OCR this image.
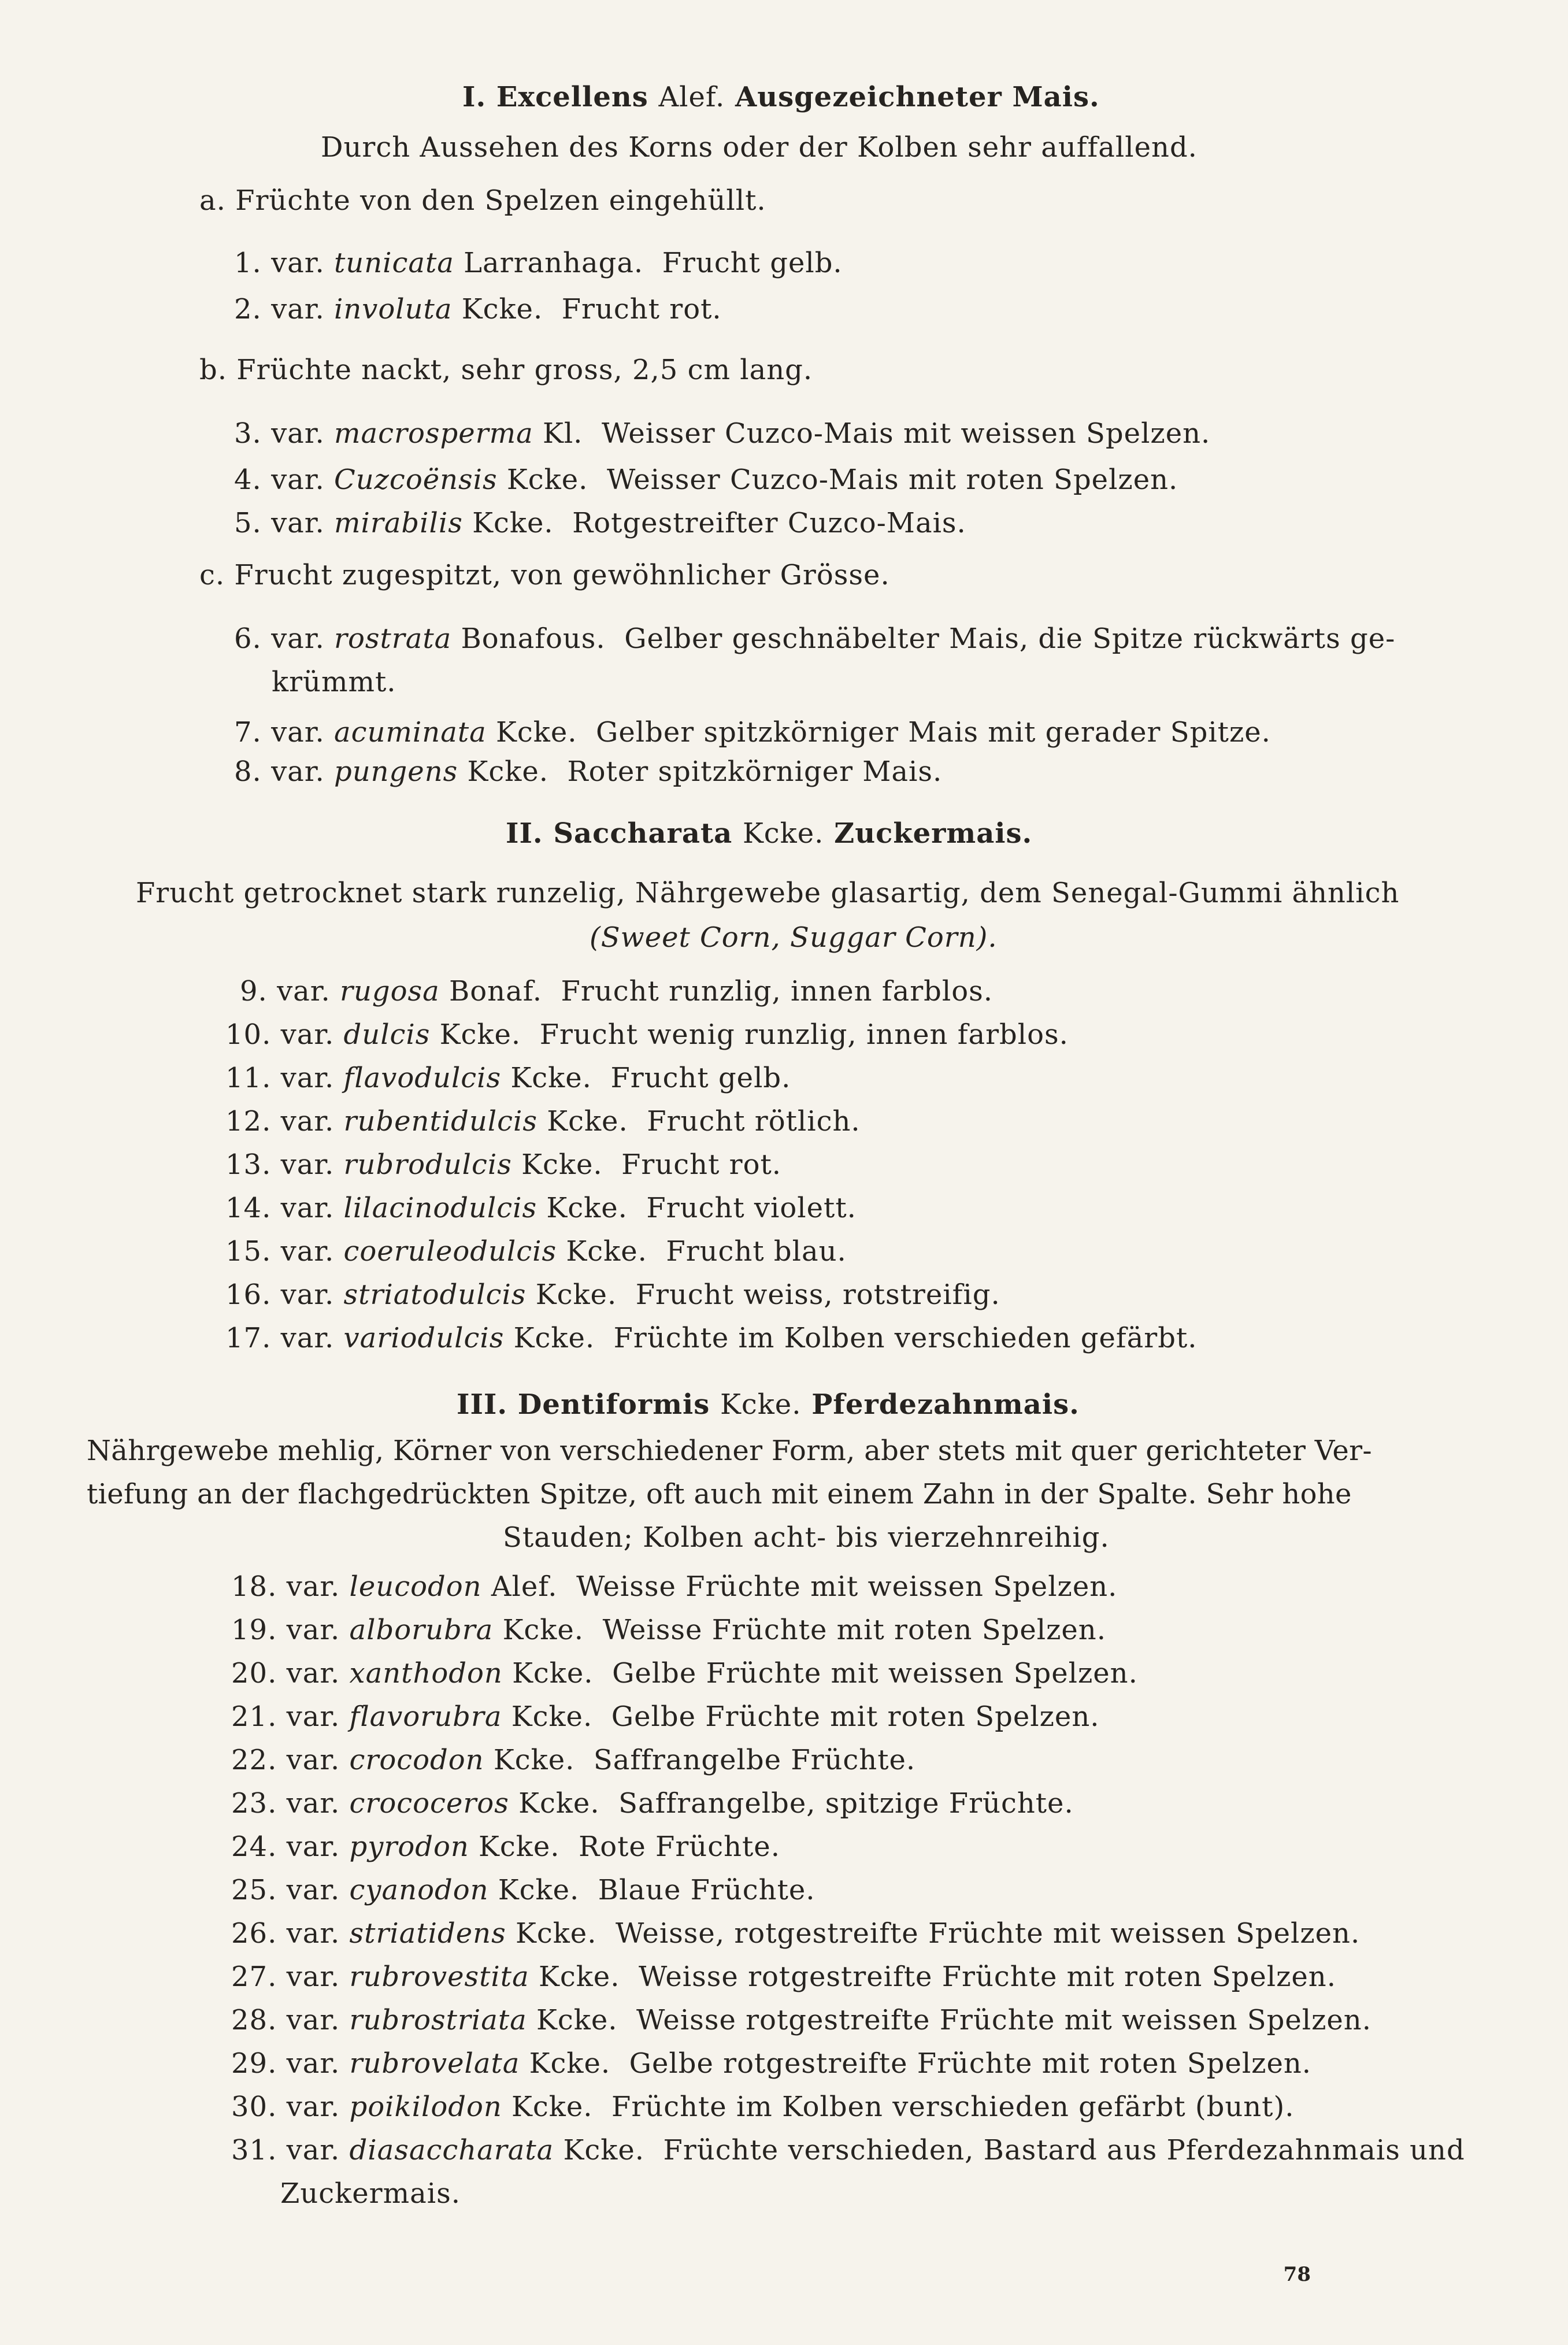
I. Excellens Alef. Ausgezeichneter Mais.
Durch Aussehen des Korns oder der Kolben sehr auffallend.
a. Früchte von den Spelzen eingehüllt.
1. var. tunicata Larranhaga. Frucht gelb.
2. var. involuta Kcke. Frucht rot.
b. Früchte nackt, sehr gross, 2,5 cm lang.
3. var. macrosperma Kl. Weisser Cuzco-Mais mit weissen Spelzen.
4. var. Cuzcoënsis Kcke. Weisser Cuzco-Mais mit roten Spelzen.
5. var. mirabilis Kcke. Rotgestreifter Cuzco-Mais.
c. Frucht zugespitzt, von gewöhnlicher Grösse.
6. var. rostrata Bonafous. Gelber geschnäbelter Mais, die Spitze rückwärts ge-
krümmt.
7. var. acuminata Kcke. Gelber spitzkörniger Mais mit gerader Spitze.
8. var. pungens Kcke. Roter spitzkörniger Mais.
II. Saccharata Kcke. Zuckermais.
Frucht getrocknet stark runzelig, Nährgewebe glasartig, dem Senegal-Gummi ähnlich
(Sweet Corn, Suggar Corn).
9. var. rugosa Bonaf. Frucht runzlig, innen farblos.
10. var. dulcis Kcke. Frucht wenig runzlig, innen farblos.
11. var. flavodulcis Kcke. Frucht gelb.
12. var. rubentidulcis Kcke. Frucht rötlich.
13. var. rubrodulcis Kcke. Frucht rot.
14. var. lilacinodulcis Kcke. Frucht violett.
15. var. coeruleodulcis Kcke. Frucht blau.
16. var. striatodulcis Kcke. Frucht weiss, rotstreifig.
17. var. variodulcis Kcke. Früchte im Kolben verschieden gefärbt.
III. Dentiformis Kcke. Pferdezahnmais.
Nährgewebe mehlig, Körner von verschiedener Form, aber stets mit quer gerichteter Ver-
tiefung an der flachgedrückten Spitze, oft auch mit einem Zahn in der Spalte. Sehr hohe
Stauden; Kolben acht- bis vierzehnreihig.
18. var. leucodon Alef. Weisse Früchte mit weissen Spelzen.
19. var. alborubra Kcke. Weisse Früchte mit roten Spelzen.
20. var. xanthodon Kcke. Gelbe Früchte mit weissen Spelzen.
21. var. flavorubra Kcke. Gelbe Früchte mit roten Spelzen.
22. var. crocodon Kcke. Saffrangelbe Früchte.
23. var. crococeros Kcke. Saffrangelbe, spitzige Früchte.
24. var. pyrodon Kcke. Rote Früchte.
25. var. cyanodon Kcke. Blaue Früchte.
26. var. striatidens Kcke. Weisse, rotgestreifte Früchte mit weissen Spelzen.
27. var. rubrovestita Kcke. Weisse rotgestreifte Früchte mit roten Spelzen.
28. var. rubrostriata Kcke. Weisse rotgestreifte Früchte mit weissen Spelzen.
29. var. rubrovelata Kcke. Gelbe rotgestreifte Früchte mit roten Spelzen.
30. var. poikilodon Kcke. Früchte im Kolben verschieden gefärbt (bunt).
31. var. diasaccharata Kcke. Früchte verschieden, Bastard aus Pferdezahnmais und
Zuckermais.
78
